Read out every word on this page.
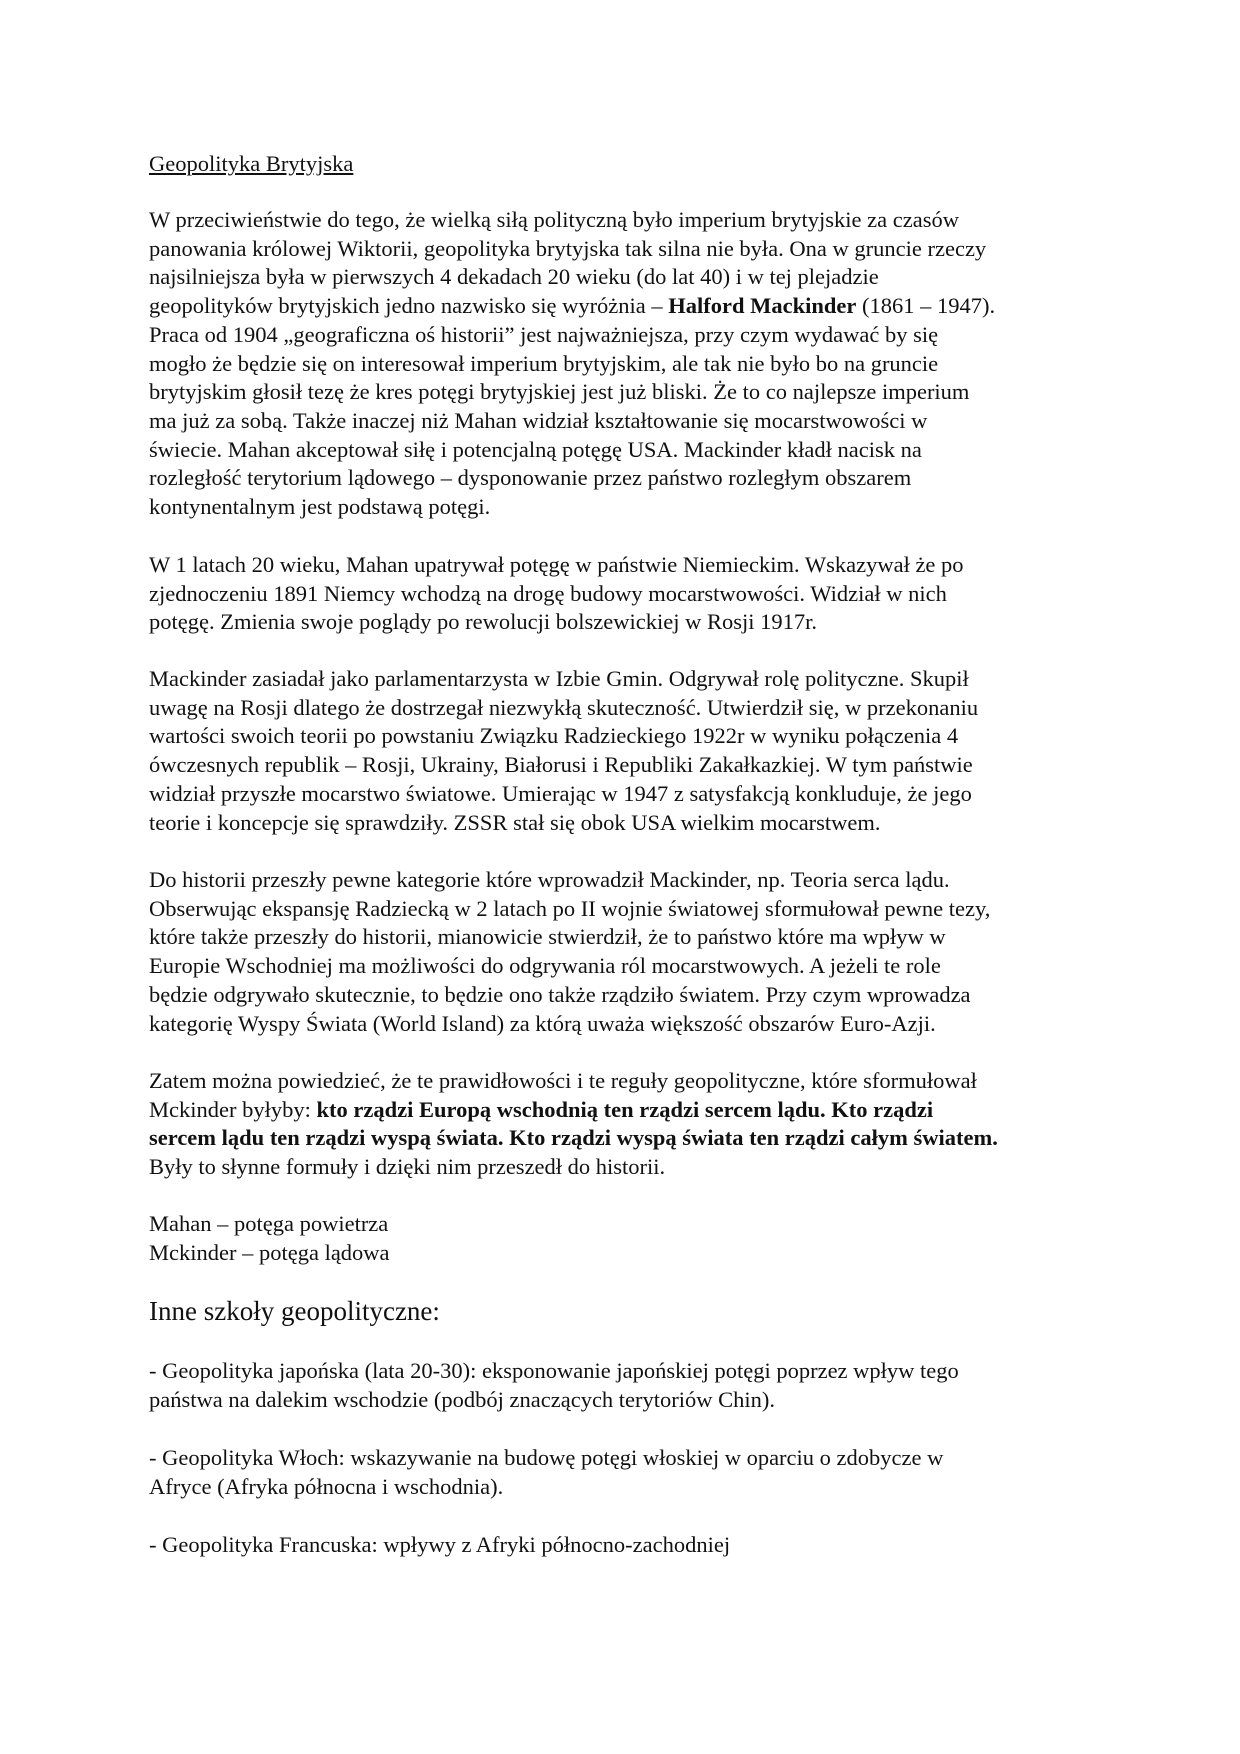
Geopolityka Brytyjska
W przeciwieństwie do tego, że wielką siłą polityczną było imperium brytyjskie za czasów
panowania królowej Wiktorii, geopolityka brytyjska tak silna nie była. Ona w gruncie rzeczy
najsilniejsza była w pierwszych 4 dekadach 20 wieku (do lat 40) i w tej plejadzie
geopolityków brytyjskich jedno nazwisko się wyróżnia – Halford Mackinder (1861 – 1947).
Praca od 1904 „geograficzna oś historii” jest najważniejsza, przy czym wydawać by się
mogło że będzie się on interesował imperium brytyjskim, ale tak nie było bo na gruncie
brytyjskim głosił tezę że kres potęgi brytyjskiej jest już bliski. Że to co najlepsze imperium
ma już za sobą. Także inaczej niż Mahan widział kształtowanie się mocarstwowości w
świecie. Mahan akceptował siłę i potencjalną potęgę USA. Mackinder kładł nacisk na
rozległość terytorium lądowego – dysponowanie przez państwo rozległym obszarem
kontynentalnym jest podstawą potęgi.
W 1 latach 20 wieku, Mahan upatrywał potęgę w państwie Niemieckim. Wskazywał że po
zjednoczeniu 1891 Niemcy wchodzą na drogę budowy mocarstwowości. Widział w nich
potęgę. Zmienia swoje poglądy po rewolucji bolszewickiej w Rosji 1917r.
Mackinder zasiadał jako parlamentarzysta w Izbie Gmin. Odgrywał rolę polityczne. Skupił
uwagę na Rosji dlatego że dostrzegał niezwykłą skuteczność. Utwierdził się, w przekonaniu
wartości swoich teorii po powstaniu Związku Radzieckiego 1922r w wyniku połączenia 4
ówczesnych republik – Rosji, Ukrainy, Białorusi i Republiki Zakałkazkiej. W tym państwie
widział przyszłe mocarstwo światowe. Umierając w 1947 z satysfakcją konkluduje, że jego
teorie i koncepcje się sprawdziły. ZSSR stał się obok USA wielkim mocarstwem.
Do historii przeszły pewne kategorie które wprowadził Mackinder, np. Teoria serca lądu.
Obserwując ekspansję Radziecką w 2 latach po II wojnie światowej sformułował pewne tezy,
które także przeszły do historii, mianowicie stwierdził, że to państwo które ma wpływ w
Europie Wschodniej ma możliwości do odgrywania ról mocarstwowych. A jeżeli te role
będzie odgrywało skutecznie, to będzie ono także rządziło światem. Przy czym wprowadza
kategorię Wyspy Świata (World Island) za którą uważa większość obszarów Euro-Azji.
Zatem można powiedzieć, że te prawidłowości i te reguły geopolityczne, które sformułował
Mckinder byłyby: kto rządzi Europą wschodnią ten rządzi sercem lądu. Kto rządzi
sercem lądu ten rządzi wyspą świata. Kto rządzi wyspą świata ten rządzi całym światem.
Były to słynne formuły i dzięki nim przeszedł do historii.
Mahan – potęga powietrza
Mckinder – potęga lądowa
Inne szkoły geopolityczne:
- Geopolityka japońska (lata 20-30): eksponowanie japońskiej potęgi poprzez wpływ tego
państwa na dalekim wschodzie (podbój znaczących terytoriów Chin).
- Geopolityka Włoch: wskazywanie na budowę potęgi włoskiej w oparciu o zdobycze w
Afryce (Afryka północna i wschodnia).
- Geopolityka Francuska: wpływy z Afryki północno-zachodniej
